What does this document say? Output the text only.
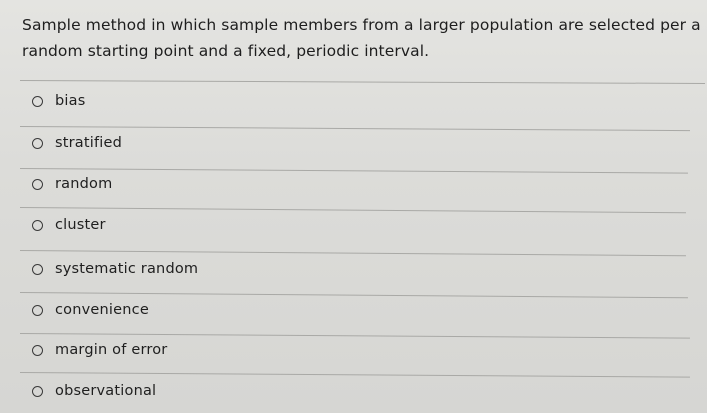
Sample method in which sample members from a larger population are selected per a random starting point and a fixed, periodic interval.
bias
stratified
random
cluster
systematic random
convenience
margin of error
observational
